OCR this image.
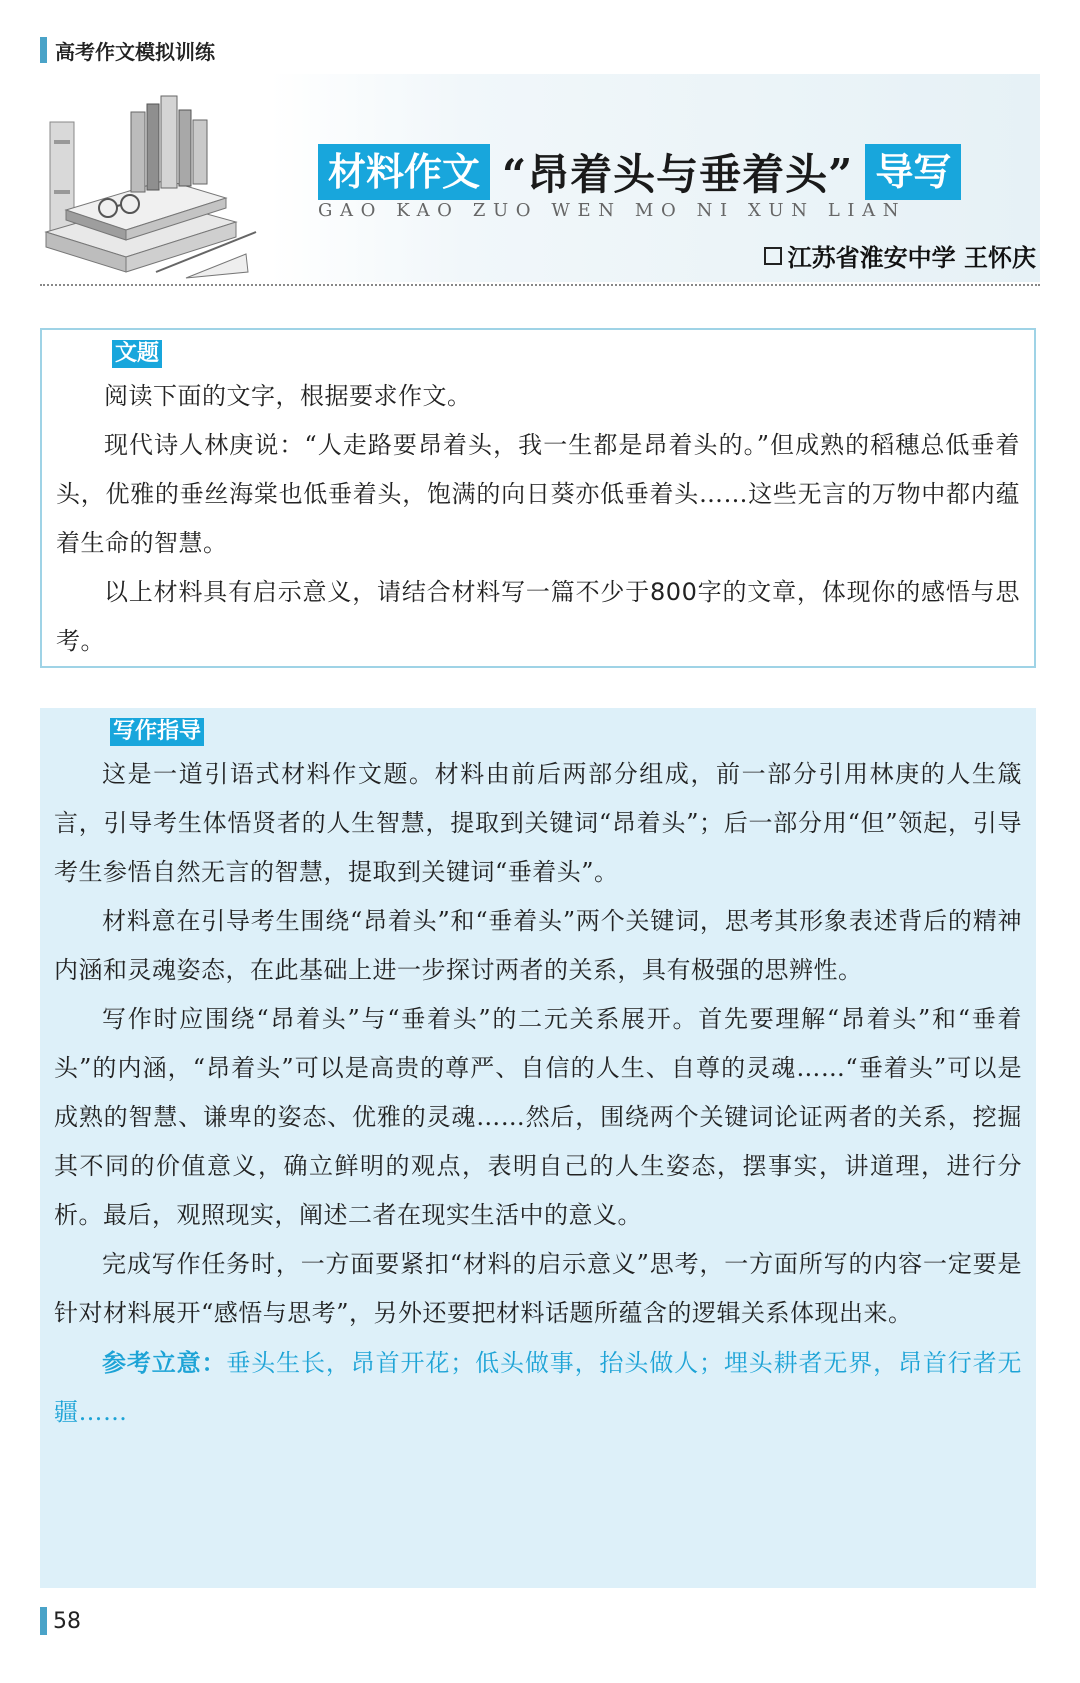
高考作文模拟训练
材料作文 “昂着头与垂着头” 导写
GAO KAO ZUO WEN MO NI XUN LIAN
江苏省淮安中学 王怀庆
文题

阅读下面的文字，根据要求作文。

现代诗人林庚说：“人走路要昂着头，我一生都是昂着头的。”但成熟的稻穗总低垂着头，优雅的垂丝海棠也低垂着头，饱满的向日葵亦低垂着头……这些无言的万物中都内蕴着生命的智慧。

以上材料具有启示意义，请结合材料写一篇不少于800字的文章，体现你的感悟与思考。

写作指导

这是一道引语式材料作文题。材料由前后两部分组成，前一部分引用林庚的人生箴言，引导考生体悟贤者的人生智慧，提取到关键词“昂着头”；后一部分用“但”领起，引导考生参悟自然无言的智慧，提取到关键词“垂着头”。

材料意在引导考生围绕“昂着头”和“垂着头”两个关键词，思考其形象表述背后的精神内涵和灵魂姿态，在此基础上进一步探讨两者的关系，具有极强的思辨性。

写作时应围绕“昂着头”与“垂着头”的二元关系展开。首先要理解“昂着头”和“垂着头”的内涵，“昂着头”可以是高贵的尊严、自信的人生、自尊的灵魂……“垂着头”可以是成熟的智慧、谦卑的姿态、优雅的灵魂……然后，围绕两个关键词论证两者的关系，挖掘其不同的价值意义，确立鲜明的观点，表明自己的人生姿态，摆事实，讲道理，进行分析。最后，观照现实，阐述二者在现实生活中的意义。

完成写作任务时，一方面要紧扣“材料的启示意义”思考，一方面所写的内容一定要是针对材料展开“感悟与思考”，另外还要把材料话题所蕴含的逻辑关系体现出来。

参考立意：垂头生长，昂首开花；低头做事，抬头做人；埋头耕者无界，昂首行者无疆……

58
